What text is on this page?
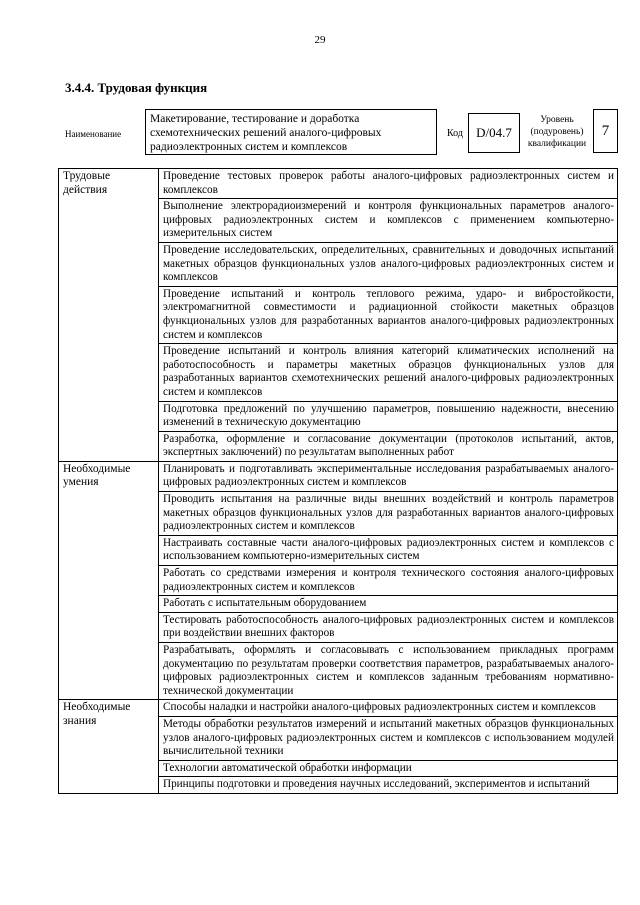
29
3.4.4. Трудовая функция
Наименование
Макетирование, тестирование и доработка схемотехнических решений аналого-цифровых радиоэлектронных систем и комплексов
Код	D/04.7
Уровень (подуровень) квалификации
7
Трудовые действия	Проведение тестовых проверок работы аналого-цифровых радиоэлектронных систем и комплексов
	Выполнение электрорадиоизмерений и контроля функциональных параметров аналого-цифровых радиоэлектронных систем и комплексов с применением компьютерно-измерительных систем
	Проведение исследовательских, определительных, сравнительных и доводочных испытаний макетных образцов функциональных узлов аналого-цифровых радиоэлектронных систем и комплексов
	Проведение испытаний и контроль теплового режима, ударо- и вибростойкости, электромагнитной совместимости и радиационной стойкости макетных образцов функциональных узлов для разработанных вариантов аналого-цифровых радиоэлектронных систем и комплексов
	Проведение испытаний и контроль влияния категорий климатических исполнений на работоспособность и параметры макетных образцов функциональных узлов для разработанных вариантов схемотехнических решений аналого-цифровых радиоэлектронных систем и комплексов
	Подготовка предложений по улучшению параметров, повышению надежности, внесению изменений в техническую документацию
	Разработка, оформление и согласование документации (протоколов испытаний, актов, экспертных заключений) по результатам выполненных работ
Необходимые умения	Планировать и подготавливать экспериментальные исследования разрабатываемых аналого-цифровых радиоэлектронных систем и комплексов
	Проводить испытания на различные виды внешних воздействий и контроль параметров макетных образцов функциональных узлов для разработанных вариантов аналого-цифровых радиоэлектронных систем и комплексов
	Настраивать составные части аналого-цифровых радиоэлектронных систем и комплексов с использованием компьютерно-измерительных систем
	Работать со средствами измерения и контроля технического состояния аналого-цифровых радиоэлектронных систем и комплексов
	Работать с испытательным оборудованием
	Тестировать работоспособность аналого-цифровых радиоэлектронных систем и комплексов при воздействии внешних факторов
	Разрабатывать, оформлять и согласовывать с использованием прикладных программ документацию по результатам проверки соответствия параметров, разрабатываемых аналого-цифровых радиоэлектронных систем и комплексов заданным требованиям нормативно-технической документации
Необходимые знания	Способы наладки и настройки аналого-цифровых радиоэлектронных систем и комплексов
	Методы обработки результатов измерений и испытаний макетных образцов функциональных узлов аналого-цифровых радиоэлектронных систем и комплексов с использованием модулей вычислительной техники
	Технологии автоматической обработки информации
	Принципы подготовки и проведения научных исследований, экспериментов и испытаний
